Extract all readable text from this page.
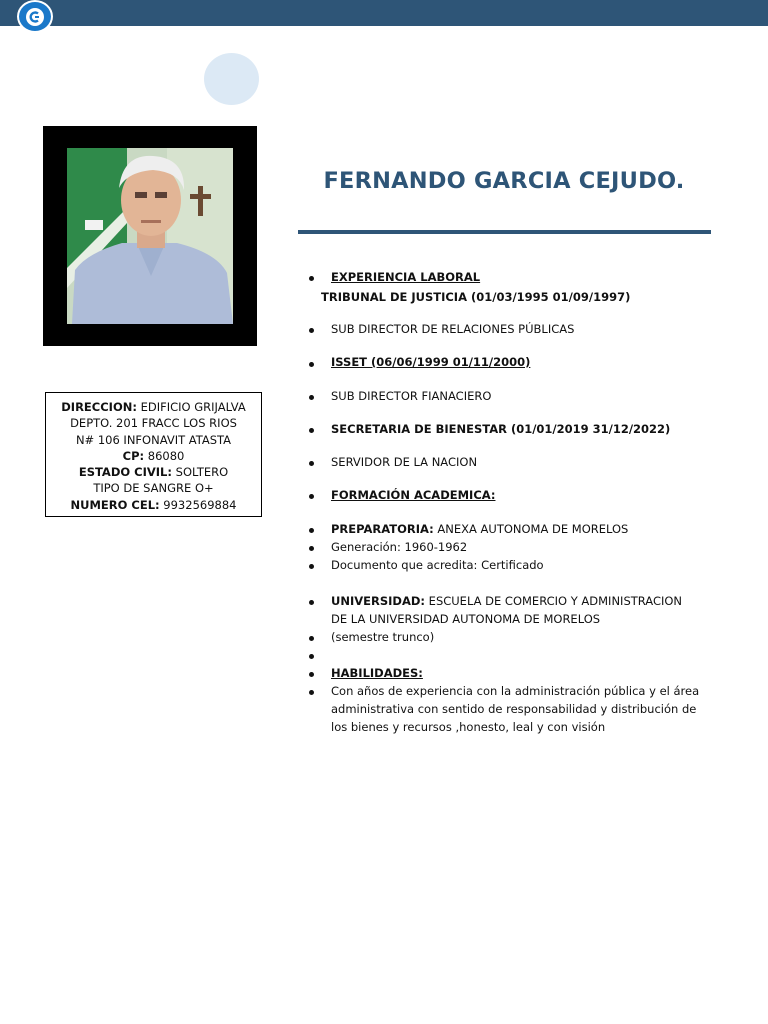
DIRECCION: EDIFICIO GRIJALVA
DEPTO. 201 FRACC LOS RIOS
N# 106 INFONAVIT ATASTA
CP: 86080
ESTADO CIVIL: SOLTERO
TIPO DE SANGRE O+
NUMERO CEL: 9932569884
FERNANDO GARCIA CEJUDO.
EXPERIENCIA LABORAL
TRIBUNAL DE JUSTICIA (01/03/1995 01/09/1997)
SUB DIRECTOR DE RELACIONES PÚBLICAS
ISSET (06/06/1999 01/11/2000)
SUB DIRECTOR FIANACIERO
SECRETARIA DE BIENESTAR (01/01/2019 31/12/2022)
SERVIDOR DE LA NACION
FORMACIÓN ACADEMICA:
PREPARATORIA: ANEXA AUTONOMA DE MORELOS
Generación: 1960-1962
Documento que acredita: Certificado
UNIVERSIDAD: ESCUELA DE COMERCIO Y ADMINISTRACION
DE LA UNIVERSIDAD AUTONOMA DE MORELOS
(semestre trunco)
HABILIDADES:
Con años de experiencia con la administración pública y el área administrativa con sentido de responsabilidad y distribución de los bienes y recursos ,honesto, leal y con visión
